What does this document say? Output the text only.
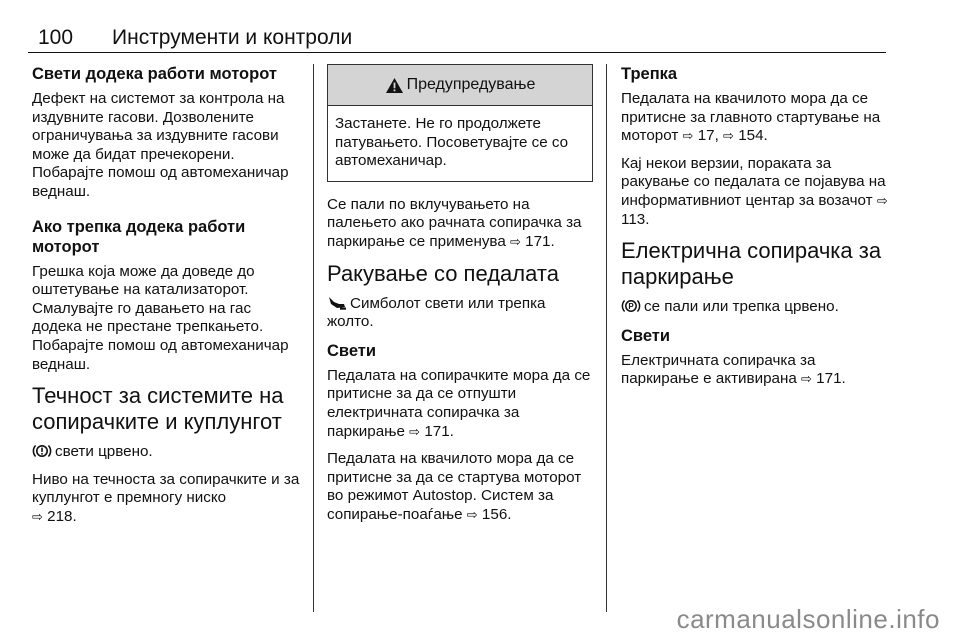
100 Инструменти и контроли
Свети додека работи моторот

Дефект на системот за контрола на издувните гасови. Дозволените ограничувања за издувните гасови може да бидат пречекорени. Побарајте помош од автомеханичар веднаш.

Ако трепка додека работи моторот

Грешка која може да доведе до оштетување на катализаторот. Смалувајте го давањето на гас додека не престане трепкањето. Побарајте помош од автомеханичар веднаш.

Течност за системите на сопирачките и куплунгот

свети црвено.

Ниво на течноста за сопирачките и за куплунгот е премногу ниско
⇨ 218.

Предупредување
Застанете. Не го продолжете патувањето. Посоветувајте се со автомеханичар.

Се пали по вклучувањето на палењето ако рачната сопирачка за паркирање се применува ⇨ 171.

Ракување со педалата

Симболот свети или трепка жолто.

Свети

Педалата на сопирачките мора да се притисне за да се отпушти електричната сопирачка за паркирање ⇨ 171.

Педалата на квачилото мора да се притисне за да се стартува моторот во режимот Autostop. Систем за сопирање-поаѓање ⇨ 156.

Трепка

Педалата на квачилото мора да се притисне за главното стартување на моторот ⇨ 17, ⇨ 154.

Кај некои верзии, пораката за ракување со педалата се појавува на информативниот центар за возачот ⇨ 113.

Електрична сопирачка за паркирање

P се пали или трепка црвено.

Свети

Електричната сопирачка за паркирање е активирана ⇨ 171.

carmanualsonline.info
